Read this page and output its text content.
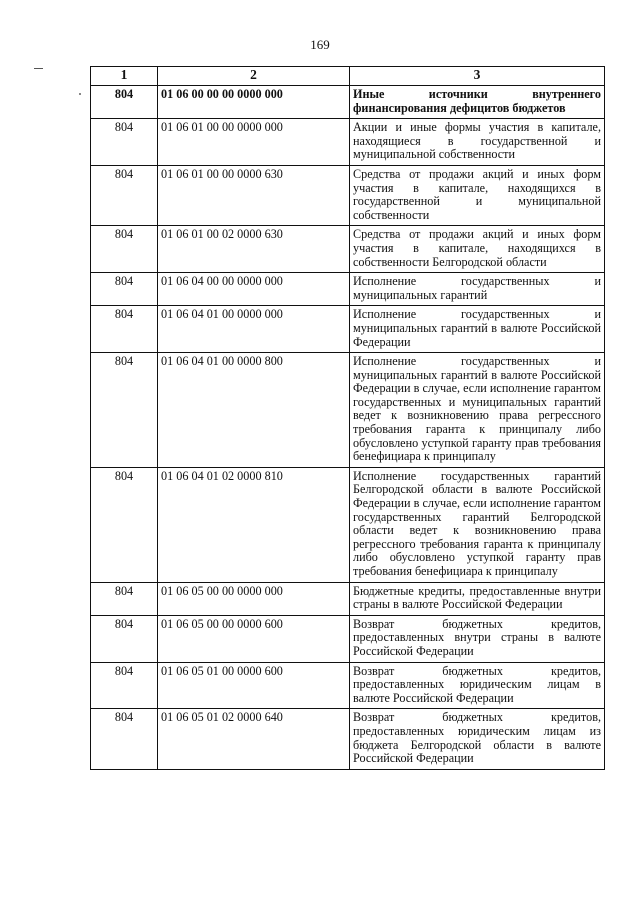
169
1	2	3
804	01 06 00 00 00 0000 000	Иные источники внутреннего финансирования дефицитов бюджетов
804	01 06 01 00 00 0000 000	Акции и иные формы участия в капитале, находящиеся в государственной и муниципальной собственности
804	01 06 01 00 00 0000 630	Средства от продажи акций и иных форм участия в капитале, находящихся в государственной и муниципальной собственности
804	01 06 01 00 02 0000 630	Средства от продажи акций и иных форм участия в капитале, находящихся в собственности Белгородской области
804	01 06 04 00 00 0000 000	Исполнение государственных и муниципальных гарантий
804	01 06 04 01 00 0000 000	Исполнение государственных и муниципальных гарантий в валюте Российской Федерации
804	01 06 04 01 00 0000 800	Исполнение государственных и муниципальных гарантий в валюте Российской Федерации в случае, если исполнение гарантом государственных и муниципальных гарантий ведет к возникновению права регрессного требования гаранта к принципалу либо обусловлено уступкой гаранту прав требования бенефициара к принципалу
804	01 06 04 01 02 0000 810	Исполнение государственных гарантий Белгородской области в валюте Российской Федерации в случае, если исполнение гарантом государственных гарантий Белгородской области ведет к возникновению права регрессного требования гаранта к принципалу либо обусловлено уступкой гаранту прав требования бенефициара к принципалу
804	01 06 05 00 00 0000 000	Бюджетные кредиты, предоставленные внутри страны в валюте Российской Федерации
804	01 06 05 00 00 0000 600	Возврат бюджетных кредитов, предоставленных внутри страны в валюте Российской Федерации
804	01 06 05 01 00 0000 600	Возврат бюджетных кредитов, предоставленных юридическим лицам в валюте Российской Федерации
804	01 06 05 01 02 0000 640	Возврат бюджетных кредитов, предоставленных юридическим лицам из бюджета Белгородской области в валюте Российской Федерации
